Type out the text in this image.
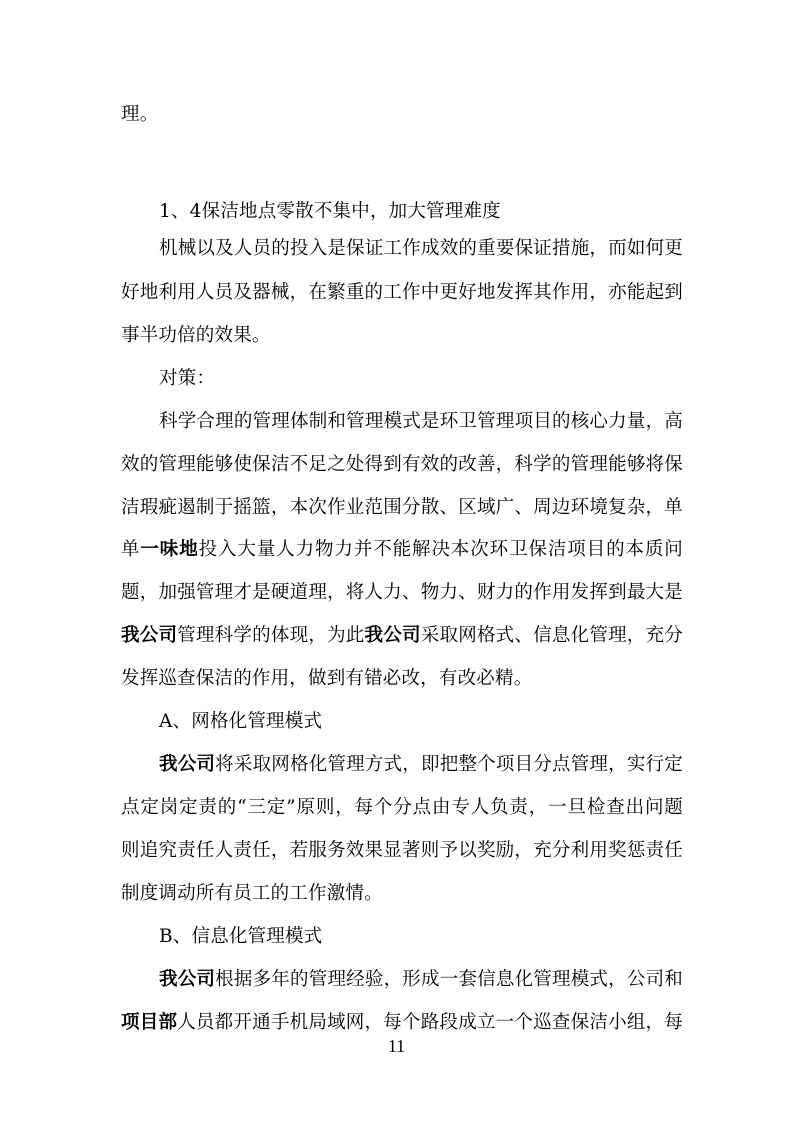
理。
1、4保洁地点零散不集中，加大管理难度
机械以及人员的投入是保证工作成效的重要保证措施，而如何更
好地利用人员及器械，在繁重的工作中更好地发挥其作用，亦能起到
事半功倍的效果。
对策：
科学合理的管理体制和管理模式是环卫管理项目的核心力量，高
效的管理能够使保洁不足之处得到有效的改善，科学的管理能够将保
洁瑕疵遏制于摇篮，本次作业范围分散、区域广、周边环境复杂，单
单一味地投入大量人力物力并不能解决本次环卫保洁项目的本质问
题，加强管理才是硬道理，将人力、物力、财力的作用发挥到最大是
我公司管理科学的体现，为此我公司采取网格式、信息化管理，充分
发挥巡查保洁的作用，做到有错必改，有改必精。
A、网格化管理模式
我公司将采取网格化管理方式，即把整个项目分点管理，实行定
点定岗定责的“三定”原则，每个分点由专人负责，一旦检查出问题
则追究责任人责任，若服务效果显著则予以奖励，充分利用奖惩责任
制度调动所有员工的工作激情。
B、信息化管理模式
我公司根据多年的管理经验，形成一套信息化管理模式，公司和
项目部人员都开通手机局域网，每个路段成立一个巡查保洁小组，每
11
